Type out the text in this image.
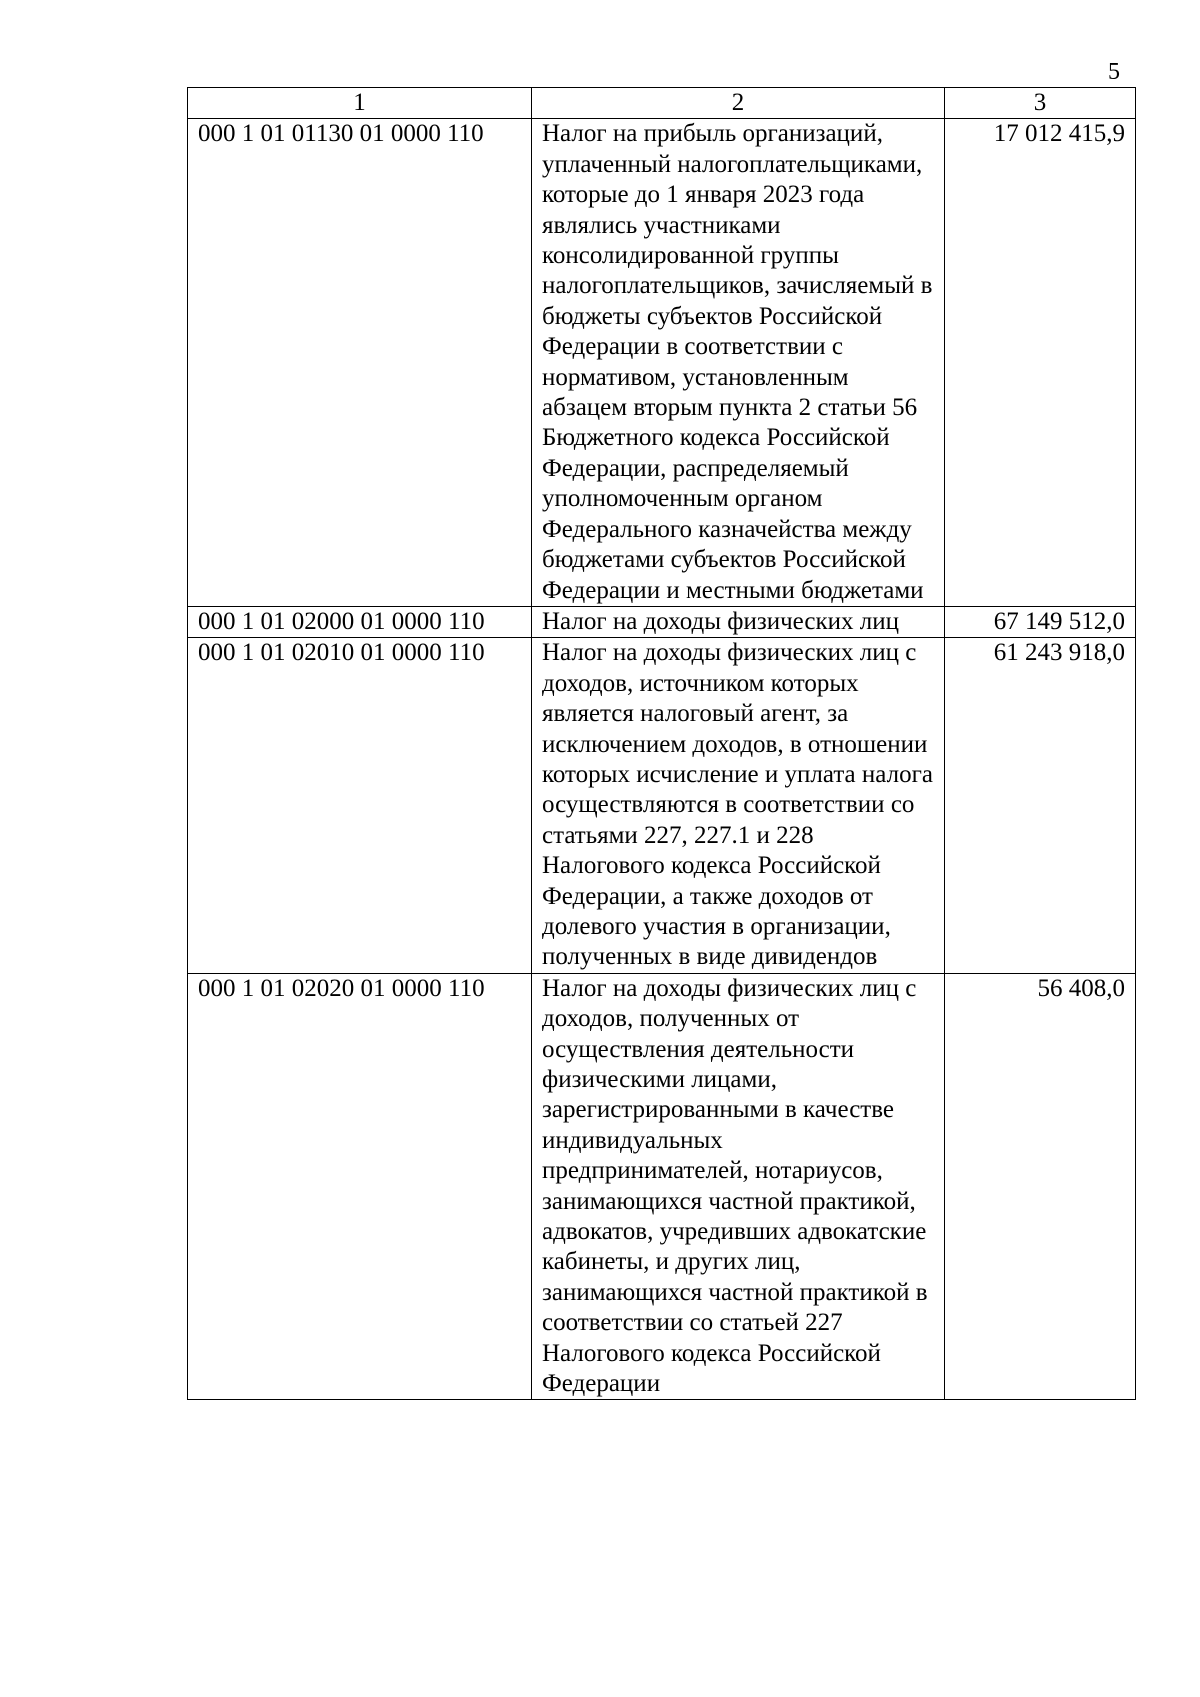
5
1	2	3
000 1 01 01130 01 0000 110	Налог на прибыль организаций, уплаченный налогоплательщиками, которые до 1 января 2023 года являлись участниками консолидированной группы налогоплательщиков, зачисляемый в бюджеты субъектов Российской Федерации в соответствии с нормативом, установленным абзацем вторым пункта 2 статьи 56 Бюджетного кодекса Российской Федерации, распределяемый уполномоченным органом Федерального казначейства между бюджетами субъектов Российской Федерации и местными бюджетами	17 012 415,9
000 1 01 02000 01 0000 110	Налог на доходы физических лиц	67 149 512,0
000 1 01 02010 01 0000 110	Налог на доходы физических лиц с доходов, источником которых является налоговый агент, за исключением доходов, в отношении которых исчисление и уплата налога осуществляются в соответствии со статьями 227, 227.1 и 228 Налогового кодекса Российской Федерации, а также доходов от долевого участия в организации, полученных в виде дивидендов	61 243 918,0
000 1 01 02020 01 0000 110	Налог на доходы физических лиц с доходов, полученных от осуществления деятельности физическими лицами, зарегистрированными в качестве индивидуальных предпринимателей, нотариусов, занимающихся частной практикой, адвокатов, учредивших адвокатские кабинеты, и других лиц, занимающихся частной практикой в соответствии со статьей 227 Налогового кодекса Российской Федерации	56 408,0
